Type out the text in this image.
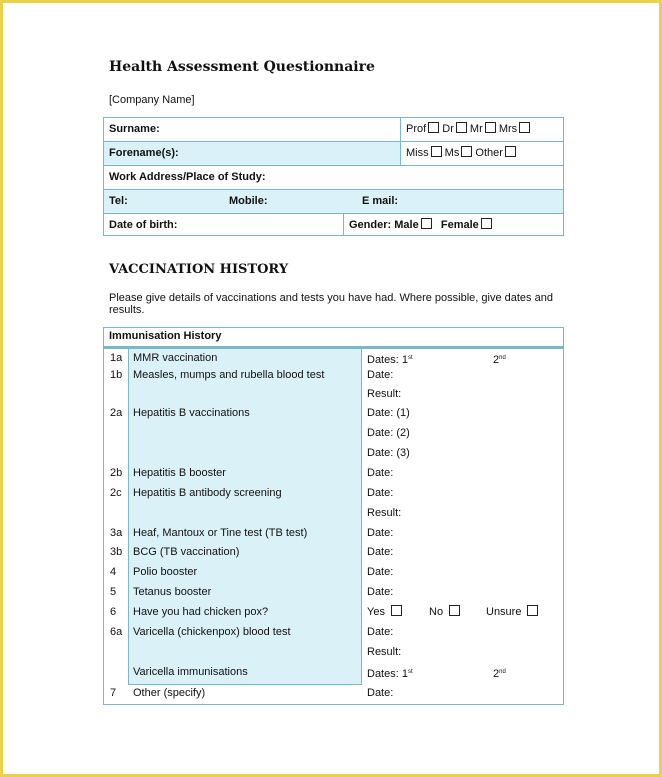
Health Assessment Questionnaire
[Company Name]
Surname:	Prof Dr Mr Mrs
Forename(s):	Miss Ms Other
Work Address/Place of Study:
Tel:	Mobile:	E mail:
Date of birth:	Gender: Male Female
VACCINATION HISTORY
Please give details of vaccinations and tests you have had. Where possible, give dates and results.
Immunisation History
1a MMR vaccination	Dates: 1st	2nd
1b Measles, mumps and rubella blood test	Date:
Result:
2a Hepatitis B vaccinations	Date: (1)
Date: (2)
Date: (3)
2b Hepatitis B booster	Date:
2c Hepatitis B antibody screening	Date:
Result:
3a Heaf, Mantoux or Tine test (TB test)	Date:
3b BCG (TB vaccination)	Date:
4 Polio booster	Date:
5 Tetanus booster	Date:
6 Have you had chicken pox?	Yes	No	Unsure
6a Varicella (chickenpox) blood test	Date:
Result:
Varicella immunisations	Dates: 1st	2nd
7 Other (specify)	Date:
